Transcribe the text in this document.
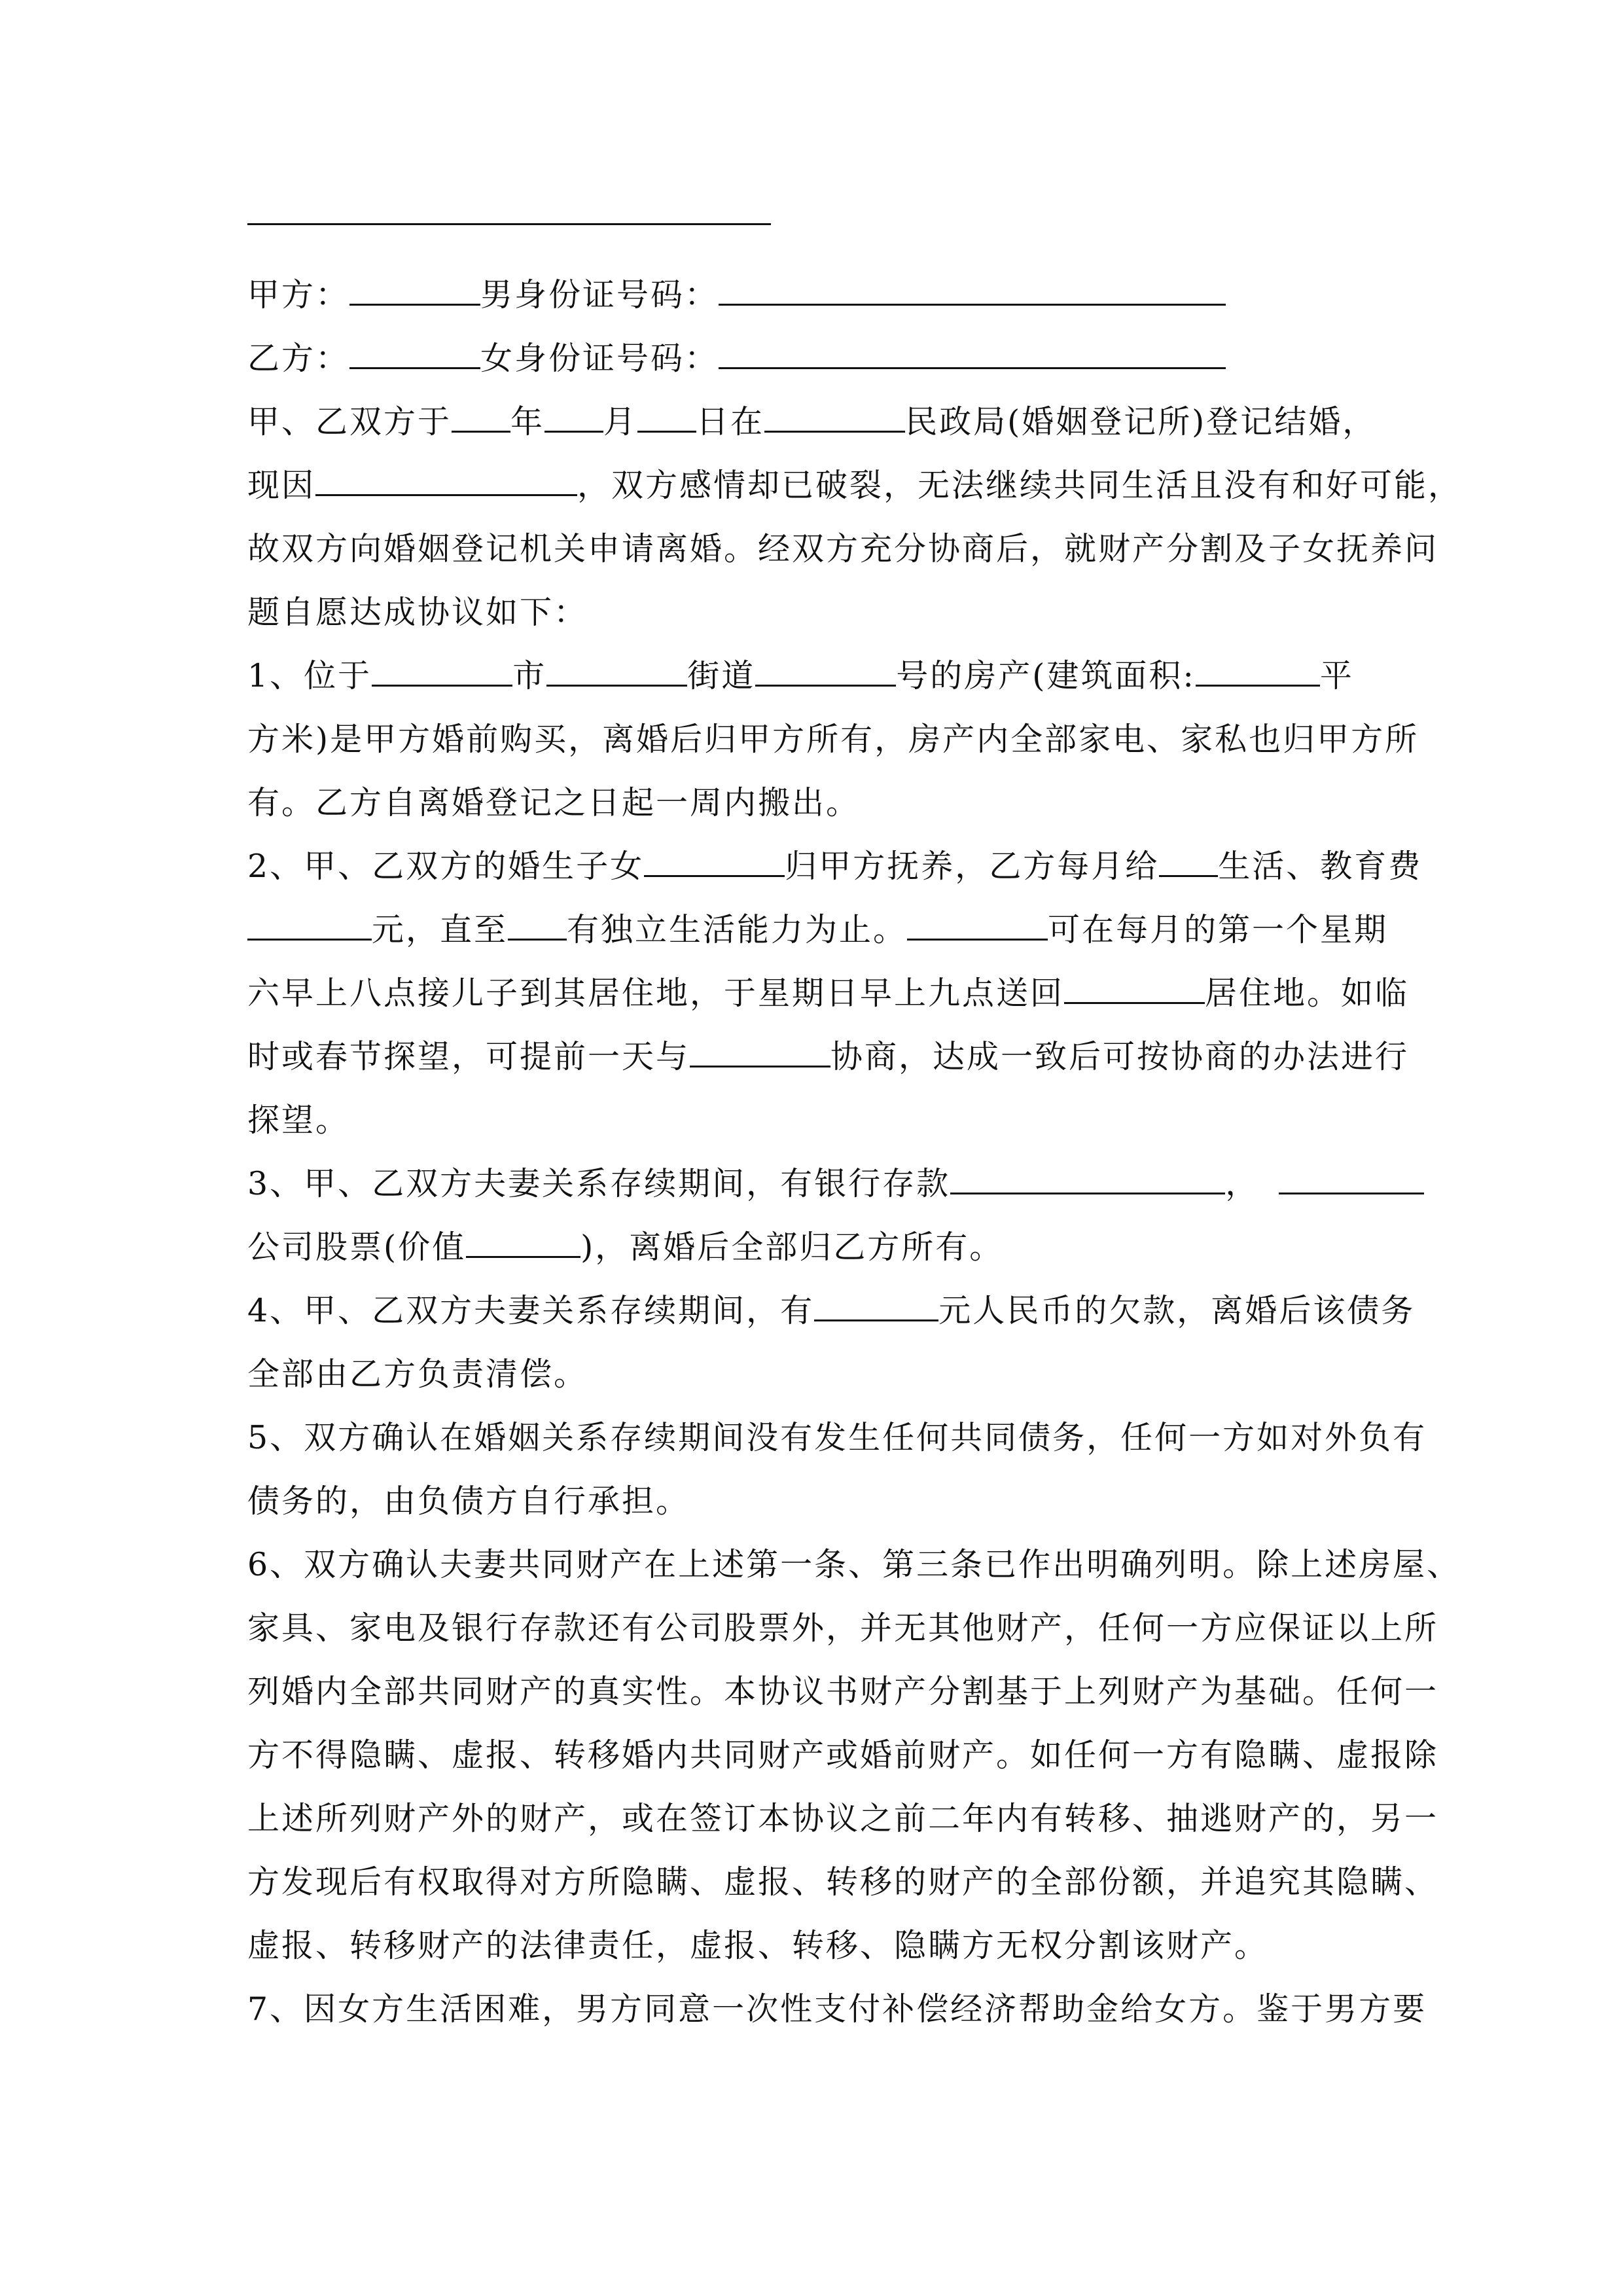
甲方：	男身份证号码：
乙方：	女身份证号码：
甲、乙双方于 年 月 日在	民政局(婚姻登记所)登记结婚，
现因	，双方感情却已破裂，无法继续共同生活且没有和好可能，
故双方向婚姻登记机关申请离婚。经双方充分协商后，就财产分割及子女抚养问
题自愿达成协议如下：
1、位于	市	街道	号的房产(建筑面积:	平
方米)是甲方婚前购买，离婚后归甲方所有，房产内全部家电、家私也归甲方所
有。乙方自离婚登记之日起一周内搬出。
2、甲、乙双方的婚生子女	归甲方抚养，乙方每月给 生活、教育费
元，直至 有独立生活能力为止。	可在每月的第一个星期
六早上八点接儿子到其居住地，于星期日早上九点送回	居住地。如临
时或春节探望，可提前一天与	协商，达成一致后可按协商的办法进行
探望。
3、甲、乙双方夫妻关系存续期间，有银行存款	，
公司股票(价值	)，离婚后全部归乙方所有。
4、甲、乙双方夫妻关系存续期间，有	元人民币的欠款，离婚后该债务
全部由乙方负责清偿。
5、双方确认在婚姻关系存续期间没有发生任何共同债务，任何一方如对外负有
债务的，由负债方自行承担。
6、双方确认夫妻共同财产在上述第一条、第三条已作出明确列明。除上述房屋、
家具、家电及银行存款还有公司股票外，并无其他财产，任何一方应保证以上所
列婚内全部共同财产的真实性。本协议书财产分割基于上列财产为基础。任何一
方不得隐瞒、虚报、转移婚内共同财产或婚前财产。如任何一方有隐瞒、虚报除
上述所列财产外的财产，或在签订本协议之前二年内有转移、抽逃财产的，另一
方发现后有权取得对方所隐瞒、虚报、转移的财产的全部份额，并追究其隐瞒、
虚报、转移财产的法律责任，虚报、转移、隐瞒方无权分割该财产。
7、因女方生活困难，男方同意一次性支付补偿经济帮助金给女方。鉴于男方要
